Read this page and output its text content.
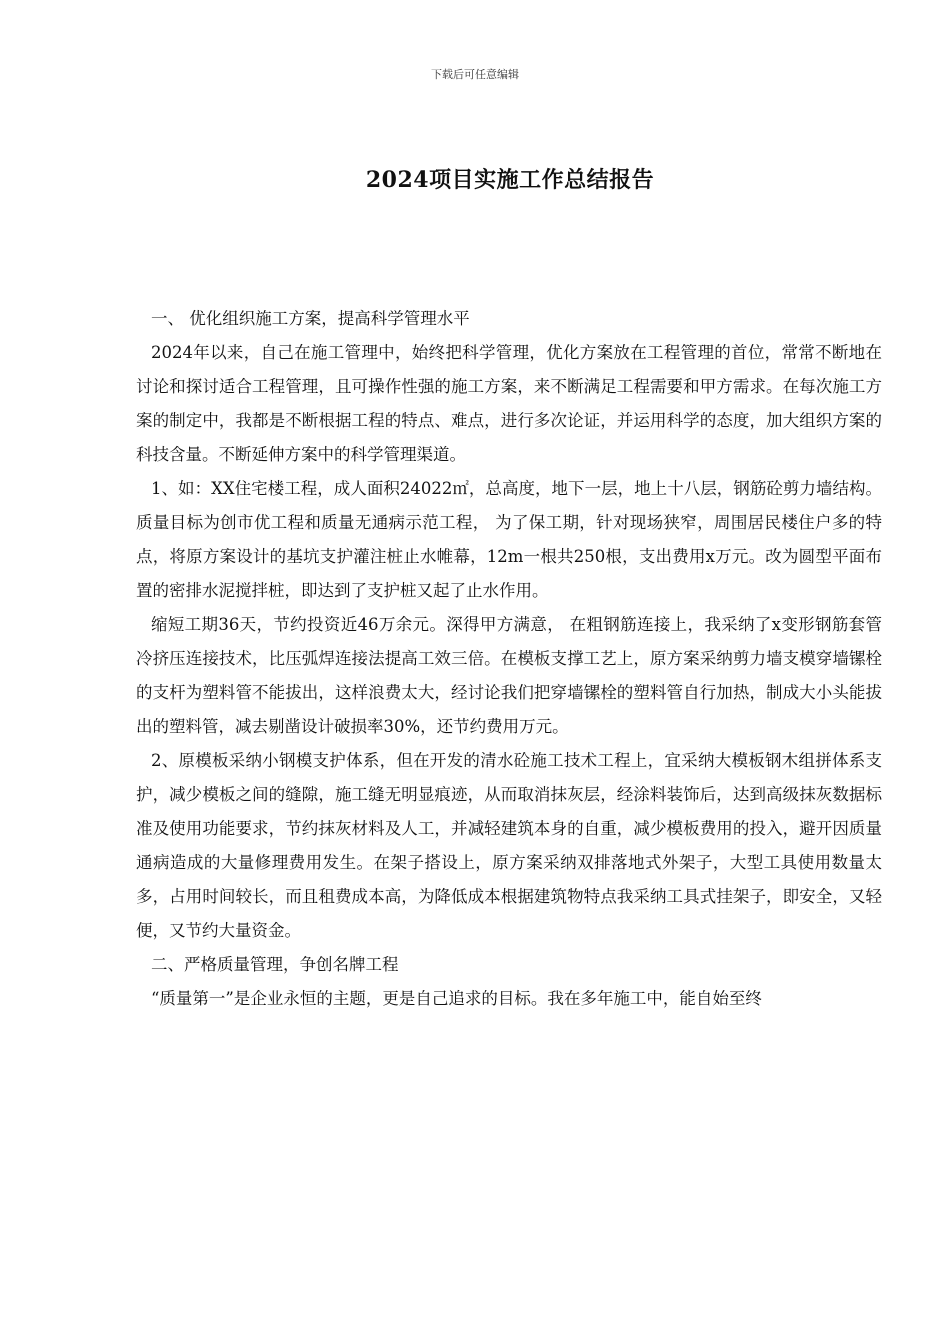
下载后可任意编辑
2024项目实施工作总结报告

一、 优化组织施工方案，提高科学管理水平

2024年以来，自己在施工管理中，始终把科学管理，优化方案放在工程管理的首位，常常不断地在讨论和探讨适合工程管理，且可操作性强的施工方案，来不断满足工程需要和甲方需求。在每次施工方案的制定中，我都是不断根据工程的特点、难点，进行多次论证，并运用科学的态度，加大组织方案的科技含量。不断延伸方案中的科学管理渠道。

1、如：XX住宅楼工程，成人面积24022㎡，总高度，地下一层，地上十八层，钢筋砼剪力墙结构。质量目标为创市优工程和质量无通病示范工程， 为了保工期，针对现场狭窄，周围居民楼住户多的特点，将原方案设计的基坑支护灌注桩止水帷幕，12m一根共250根，支出费用x万元。改为圆型平面布置的密排水泥搅拌桩，即达到了支护桩又起了止水作用。

缩短工期36天，节约投资近46万余元。深得甲方满意， 在粗钢筋连接上，我采纳了x变形钢筋套管冷挤压连接技术，比压弧焊连接法提高工效三倍。在模板支撑工艺上，原方案采纳剪力墙支模穿墙镙栓的支杆为塑料管不能拔出，这样浪费太大，经讨论我们把穿墙镙栓的塑料管自行加热，制成大小头能拔出的塑料管，减去剔凿设计破损率30%，还节约费用万元。

2、原模板采纳小钢模支护体系，但在开发的清水砼施工技术工程上，宜采纳大模板钢木组拼体系支护，减少模板之间的缝隙，施工缝无明显痕迹，从而取消抹灰层，经涂料装饰后，达到高级抹灰数据标准及使用功能要求，节约抹灰材料及人工，并减轻建筑本身的自重，减少模板费用的投入，避开因质量通病造成的大量修理费用发生。在架子搭设上，原方案采纳双排落地式外架子，大型工具使用数量太多，占用时间较长，而且租费成本高，为降低成本根据建筑物特点我采纳工具式挂架子，即安全，又轻便，又节约大量资金。

二、严格质量管理，争创名牌工程

“质量第一”是企业永恒的主题，更是自己追求的目标。我在多年施工中，能自始至终
